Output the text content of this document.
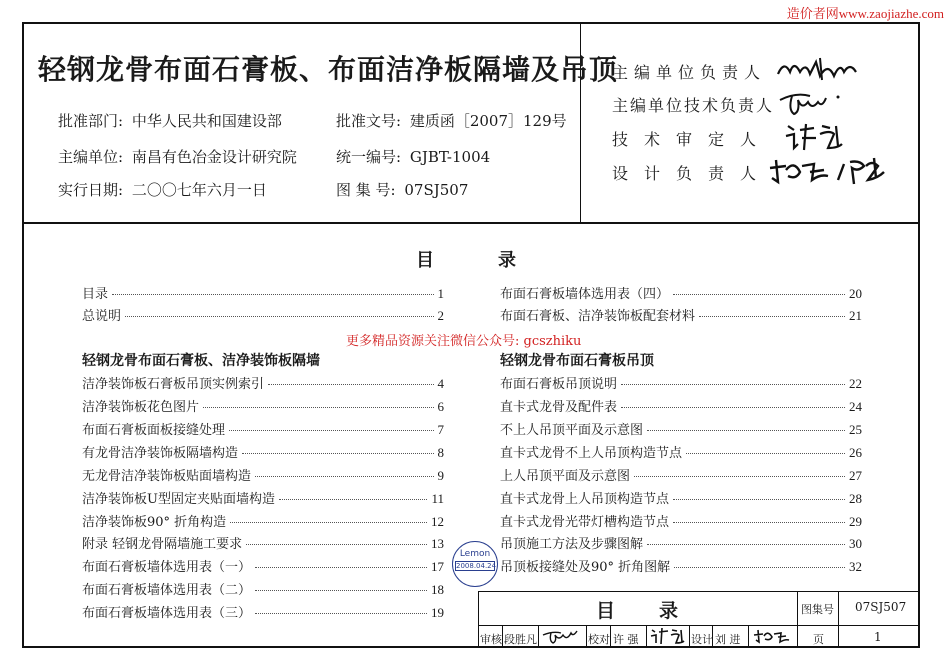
造价者网www.zaojiazhe.com
轻钢龙骨布面石膏板、布面洁净板隔墙及吊顶
批准部门: 中华人民共和国建设部	批准文号: 建质函［2007］129号
主编单位: 南昌有色冶金设计研究院	统一编号: GJBT-1004
实行日期: 二〇〇七年六月一日	图 集 号: 07SJ507
主编单位负责人
主编单位技术负责人
技术审定人
设计负责人
目录
目录	1
总说明	2
布面石膏板墙体选用表（四）	20
布面石膏板、洁净装饰板配套材料	21
更多精品资源关注微信公众号: gcszhiku
轻钢龙骨布面石膏板、洁净装饰板隔墙	轻钢龙骨布面石膏板吊顶
洁净装饰板石膏板吊顶实例索引	4
洁净装饰板花色图片	6
布面石膏板面板接缝处理	7
有龙骨洁净装饰板隔墙构造	8
无龙骨洁净装饰板贴面墙构造	9
洁净装饰板U型固定夹贴面墙构造	11
洁净装饰板90° 折角构造	12
附录 轻钢龙骨隔墙施工要求	13
布面石膏板墙体选用表（一）	17
布面石膏板墙体选用表（二）	18
布面石膏板墙体选用表（三）	19
布面石膏板吊顶说明	22
直卡式龙骨及配件表	24
不上人吊顶平面及示意图	25
直卡式龙骨不上人吊顶构造节点	26
上人吊顶平面及示意图	27
直卡式龙骨上人吊顶构造节点	28
直卡式龙骨光带灯槽构造节点	29
吊顶施工方法及步骤图解	30
吊顶板接缝处及90° 折角图解	32
Lemon
2008.04.24
目录	图集号 07SJ507
审核 段胜凡	校对 许 强	设计 刘 进	页	1
